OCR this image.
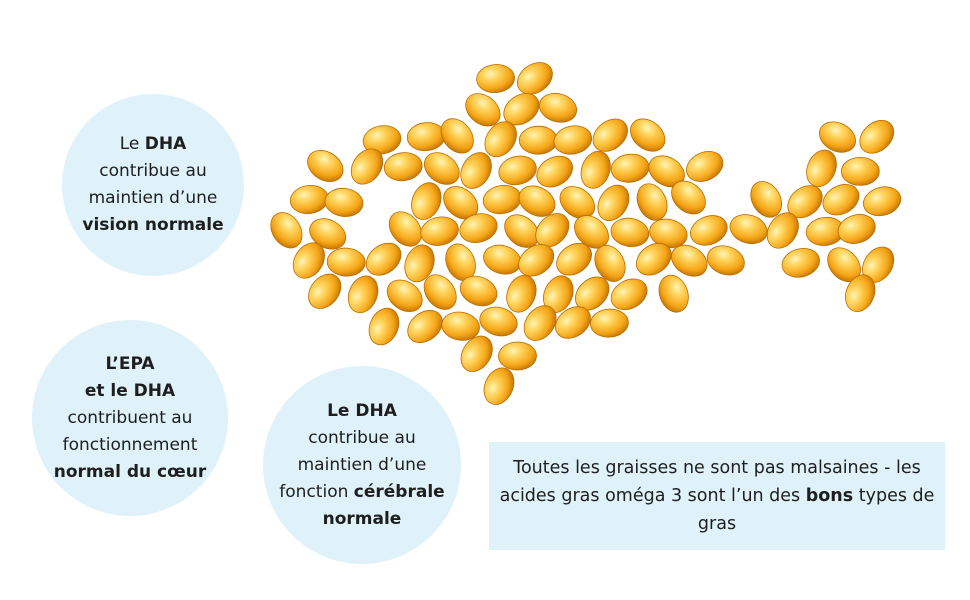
Le DHA
contribue au
maintien d’une
vision normale

L’EPA
et le DHA
contribuent au
fonctionnement
normal du cœur

Le DHA
contribue au
maintien d’une
fonction cérébrale
normale

Toutes les graisses ne sont pas malsaines - les acides gras oméga 3 sont l’un des bons types de gras
